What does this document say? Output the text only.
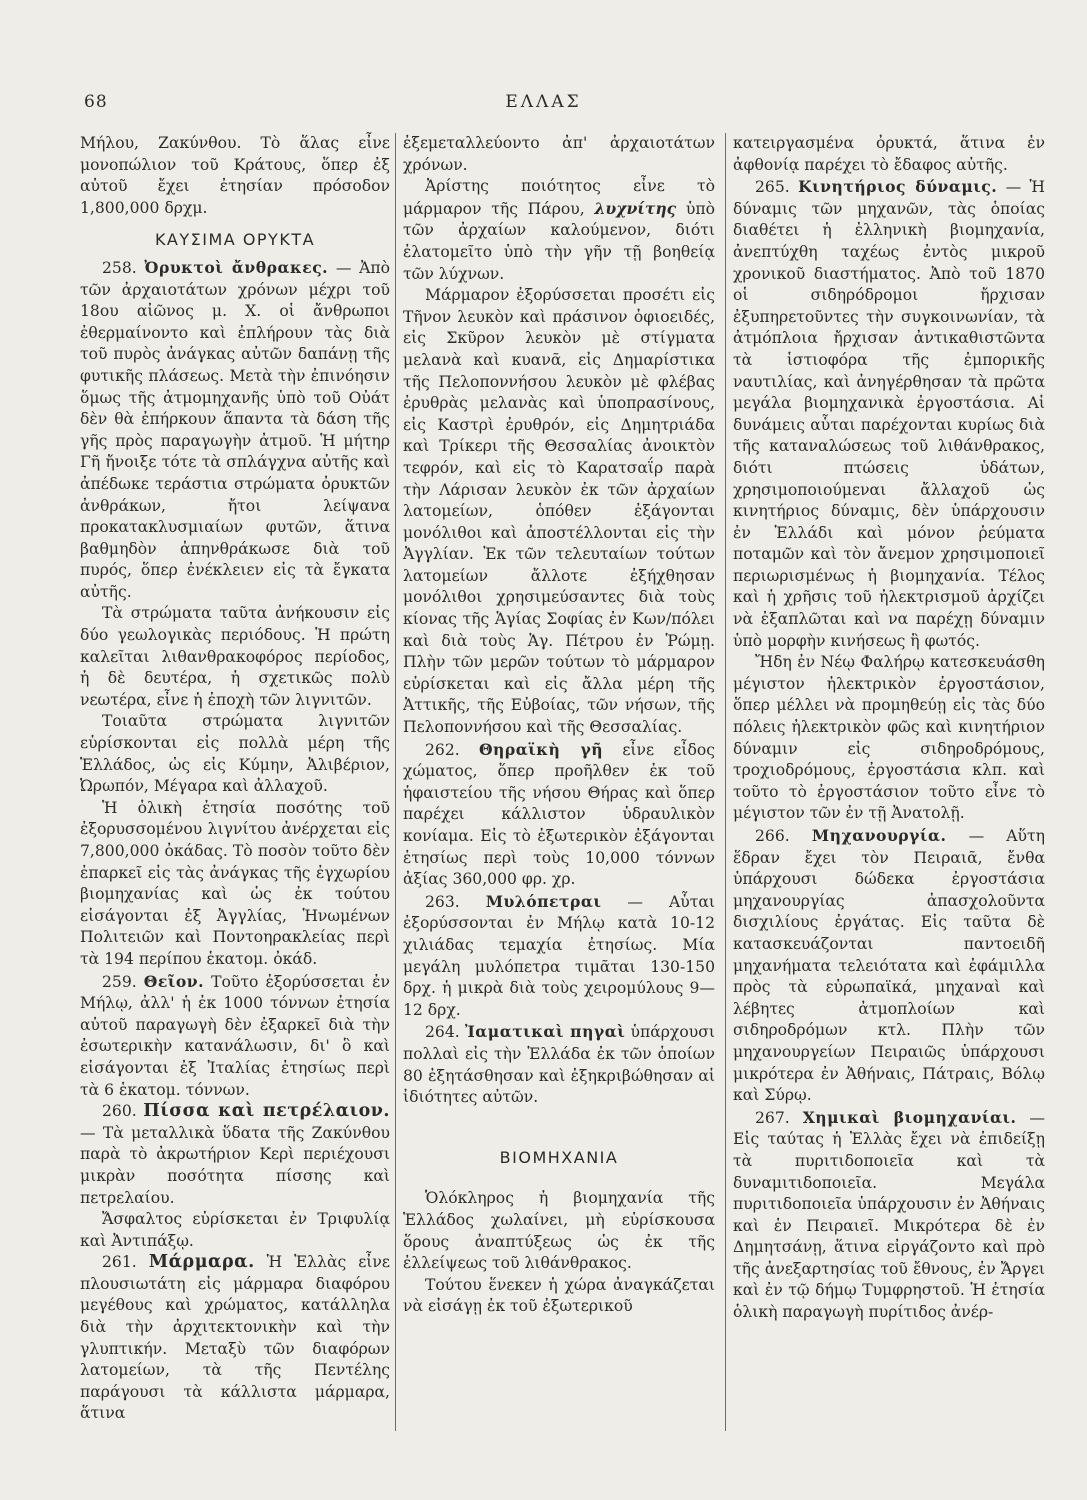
68	ΕΛΛΑΣ

Μήλου, Ζακύνθου. Τὸ ἅλας εἶνε μονοπώλιον τοῦ Κράτους, ὅπερ ἐξ αὐτοῦ ἔχει ἐτησίαν πρόσοδον 1,800,000 δρχμ.

ΚΑΥΣΙΜΑ ΟΡΥΚΤΑ

258. Ὀρυκτοὶ ἄνθρακες. — Ἀπὸ τῶν ἀρχαιοτάτων χρόνων μέχρι τοῦ 18ου αἰῶνος μ. Χ. οἱ ἄνθρωποι ἐθερμαίνοντο καὶ ἐπλήρουν τὰς διὰ τοῦ πυρὸς ἀνάγκας αὐτῶν δαπάνῃ τῆς φυτικῆς πλάσεως. Μετὰ τὴν ἐπινόησιν ὅμως τῆς ἀτμομηχανῆς ὑπὸ τοῦ Οὐάτ δὲν θὰ ἐπήρκουν ἅπαντα τὰ δάση τῆς γῆς πρὸς παραγωγὴν ἀτμοῦ. Ἡ μήτηρ Γῆ ἤνοιξε τότε τὰ σπλάγχνα αὐτῆς καὶ ἀπέδωκε τεράστια στρώματα ὀρυκτῶν ἀνθράκων, ἤτοι λείψανα προκατακλυσμιαίων φυτῶν, ἅτινα βαθμηδὸν ἀπηνθράκωσε διὰ τοῦ πυρός, ὅπερ ἐνέκλειεν εἰς τὰ ἔγκατα αὐτῆς.

Τὰ στρώματα ταῦτα ἀνήκουσιν εἰς δύο γεωλογικὰς περιόδους. Ἡ πρώτη καλεῖται λιθανθρακοφόρος περίοδος, ἡ δὲ δευτέρα, ἡ σχετικῶς πολὺ νεωτέρα, εἶνε ἡ ἐποχὴ τῶν λιγνιτῶν.

Τοιαῦτα στρώματα λιγνιτῶν εὑρίσκονται εἰς πολλὰ μέρη τῆς Ἑλλάδος, ὡς εἰς Κύμην, Ἀλιβέριον, Ὠρωπόν, Μέγαρα καὶ ἀλλαχοῦ.

Ἡ ὁλικὴ ἐτησία ποσότης τοῦ ἐξορυσσομένου λιγνίτου ἀνέρχεται εἰς 7,800,000 ὀκάδας. Τὸ ποσὸν τοῦτο δὲν ἐπαρκεῖ εἰς τὰς ἀνάγκας τῆς ἐγχωρίου βιομηχανίας καὶ ὡς ἐκ τούτου εἰσάγονται ἐξ Ἀγγλίας, Ἡνωμένων Πολιτειῶν καὶ Ποντοηρακλείας περὶ τὰ 194 περίπου ἑκατομ. ὀκάδ.

259. Θεῖον. Τοῦτο ἐξορύσσεται ἐν Μήλῳ, ἀλλ' ἡ ἐκ 1000 τόννων ἐτησία αὐτοῦ παραγωγὴ δὲν ἐξαρκεῖ διὰ τὴν ἐσωτερικὴν κατανάλωσιν, δι' ὃ καὶ εἰσάγονται ἐξ Ἰταλίας ἐτησίως περὶ τὰ 6 ἑκατομ. τόννων.

260. Πίσσα καὶ πετρέλαιον. — Τὰ μεταλλικὰ ὕδατα τῆς Ζακύνθου παρὰ τὸ ἀκρωτήριον Κερὶ περιέχουσι μικρὰν ποσότητα πίσσης καὶ πετρελαίου.

Ἄσφαλτος εὑρίσκεται ἐν Τριφυλίᾳ καὶ Ἀντιπάξῳ.

261. Μάρμαρα. Ἡ Ἑλλὰς εἶνε πλουσιωτάτη εἰς μάρμαρα διαφόρου μεγέθους καὶ χρώματος, κατάλληλα διὰ τὴν ἀρχιτεκτονικὴν καὶ τὴν γλυπτικήν. Μεταξὺ τῶν διαφόρων λατομείων, τὰ τῆς Πεντέλης παράγουσι τὰ κάλλιστα μάρμαρα, ἅτινα

ἐξεμεταλλεύοντο ἀπ' ἀρχαιοτάτων χρόνων.

Ἀρίστης ποιότητος εἶνε τὸ μάρμαρον τῆς Πάρου, λυχνίτης ὑπὸ τῶν ἀρχαίων καλούμενον, διότι ἐλατομεῖτο ὑπὸ τὴν γῆν τῇ βοηθείᾳ τῶν λύχνων.

Μάρμαρον ἐξορύσσεται προσέτι εἰς Τῆνον λευκὸν καὶ πράσινον ὀφιοειδές, εἰς Σκῦρον λευκὸν μὲ στίγματα μελανὰ καὶ κυανᾶ, εἰς Δημαρίστικα τῆς Πελοποννήσου λευκὸν μὲ φλέβας ἐρυθρὰς μελανὰς καὶ ὑποπρασίνους, εἰς Καστρὶ ἐρυθρόν, εἰς Δημητριάδα καὶ Τρίκερι τῆς Θεσσαλίας ἀνοικτὸν τεφρόν, καὶ εἰς τὸ Καρατσαΐρ παρὰ τὴν Λάρισαν λευκὸν ἐκ τῶν ἀρχαίων λατομείων, ὁπόθεν ἐξάγονται μονόλιθοι καὶ ἀποστέλλονται εἰς τὴν Ἀγγλίαν. Ἐκ τῶν τελευταίων τούτων λατομείων ἄλλοτε ἐξήχθησαν μονόλιθοι χρησιμεύσαντες διὰ τοὺς κίονας τῆς Ἁγίας Σοφίας ἐν Κων/πόλει καὶ διὰ τοὺς Ἁγ. Πέτρου ἐν Ῥώμῃ. Πλὴν τῶν μερῶν τούτων τὸ μάρμαρον εὑρίσκεται καὶ εἰς ἄλλα μέρη τῆς Ἀττικῆς, τῆς Εὐβοίας, τῶν νήσων, τῆς Πελοποννήσου καὶ τῆς Θεσσαλίας.

262. Θηραϊκὴ γῆ εἶνε εἶδος χώματος, ὅπερ προῆλθεν ἐκ τοῦ ἡφαιστείου τῆς νήσου Θήρας καὶ ὅπερ παρέχει κάλλιστον ὑδραυλικὸν κονίαμα. Εἰς τὸ ἐξωτερικὸν ἐξάγονται ἐτησίως περὶ τοὺς 10,000 τόννων ἀξίας 360,000 φρ. χρ.

263. Μυλόπετραι — Αὗται ἐξορύσσονται ἐν Μήλῳ κατὰ 10-12 χιλιάδας τεμαχία ἐτησίως. Μία μεγάλη μυλόπετρα τιμᾶται 130-150 δρχ. ἡ μικρὰ διὰ τοὺς χειρομύλους 9—12 δρχ.

264. Ἰαματικαὶ πηγαὶ ὑπάρχουσι πολλαὶ εἰς τὴν Ἑλλάδα ἐκ τῶν ὁποίων 80 ἐξητάσθησαν καὶ ἐξηκριβώθησαν αἱ ἰδιότητες αὐτῶν.

ΒΙΟΜΗΧΑΝΙΑ

Ὁλόκληρος ἡ βιομηχανία τῆς Ἑλλάδος χωλαίνει, μὴ εὑρίσκουσα ὅρους ἀναπτύξεως ὡς ἐκ τῆς ἐλλείψεως τοῦ λιθάνθρακος.

Τούτου ἕνεκεν ἡ χώρα ἀναγκάζεται νὰ εἰσάγῃ ἐκ τοῦ ἐξωτερικοῦ

κατειργασμένα ὀρυκτά, ἅτινα ἐν ἀφθονίᾳ παρέχει τὸ ἔδαφος αὐτῆς.

265. Κινητήριος δύναμις. — Ἡ δύναμις τῶν μηχανῶν, τὰς ὁποίας διαθέτει ἡ ἑλληνικὴ βιομηχανία, ἀνεπτύχθη ταχέως ἐντὸς μικροῦ χρονικοῦ διαστήματος. Ἀπὸ τοῦ 1870 οἱ σιδηρόδρομοι ἤρχισαν ἐξυπηρετοῦντες τὴν συγκοινωνίαν, τὰ ἀτμόπλοια ἤρχισαν ἀντικαθιστῶντα τὰ ἱστιοφόρα τῆς ἐμπορικῆς ναυτιλίας, καὶ ἀνηγέρθησαν τὰ πρῶτα μεγάλα βιομηχανικὰ ἐργοστάσια. Αἱ δυνάμεις αὗται παρέχονται κυρίως διὰ τῆς καταναλώσεως τοῦ λιθάνθρακος, διότι πτώσεις ὑδάτων, χρησιμοποιούμεναι ἄλλαχοῦ ὡς κινητήριος δύναμις, δὲν ὑπάρχουσιν ἐν Ἑλλάδι καὶ μόνον ῥεύματα ποταμῶν καὶ τὸν ἄνεμον χρησιμοποιεῖ περιωρισμένως ἡ βιομηχανία. Τέλος καὶ ἡ χρῆσις τοῦ ἠλεκτρισμοῦ ἀρχίζει νὰ ἐξαπλῶται καὶ να παρέχῃ δύναμιν ὑπὸ μορφὴν κινήσεως ἢ φωτός.

Ἤδη ἐν Νέῳ Φαλήρῳ κατεσκευάσθη μέγιστον ἠλεκτρικὸν ἐργοστάσιον, ὅπερ μέλλει νὰ προμηθεύῃ εἰς τὰς δύο πόλεις ἠλεκτρικὸν φῶς καὶ κινητήριον δύναμιν εἰς σιδηροδρόμους, τροχιοδρόμους, ἐργοστάσια κλπ. καὶ τοῦτο τὸ ἐργοστάσιον τοῦτο εἶνε τὸ μέγιστον τῶν ἐν τῇ Ἀνατολῇ.

266. Μηχανουργία. — Αὕτη ἕδραν ἔχει τὸν Πειραιᾶ, ἔνθα ὑπάρχουσι δώδεκα ἐργοστάσια μηχανουργίας ἀπασχολοῦντα δισχιλίους ἐργάτας. Εἰς ταῦτα δὲ κατασκευάζονται παντοειδῆ μηχανήματα τελειότατα καὶ ἐφάμιλλα πρὸς τὰ εὐρωπαϊκά, μηχαναὶ καὶ λέβητες ἀτμοπλοίων καὶ σιδηροδρόμων κτλ. Πλὴν τῶν μηχανουργείων Πειραιῶς ὑπάρχουσι μικρότερα ἐν Ἀθήναις, Πάτραις, Βόλῳ καὶ Σύρῳ.

267. Χημικαὶ βιομηχανίαι. — Εἰς ταύτας ἡ Ἑλλὰς ἔχει νὰ ἐπιδείξῃ τὰ πυριτιδοποιεῖα καὶ τὰ δυναμιτιδοποιεῖα. Μεγάλα πυριτιδοποιεῖα ὑπάρχουσιν ἐν Ἀθήναις καὶ ἐν Πειραιεῖ. Μικρότερα δὲ ἐν Δημητσάνῃ, ἅτινα εἰργάζοντο καὶ πρὸ τῆς ἀνεξαρτησίας τοῦ ἔθνους, ἐν Ἄργει καὶ ἐν τῷ δήμῳ Τυμφρηστοῦ. Ἡ ἐτησία ὁλικὴ παραγωγὴ πυρίτιδος ἀνέρ-
